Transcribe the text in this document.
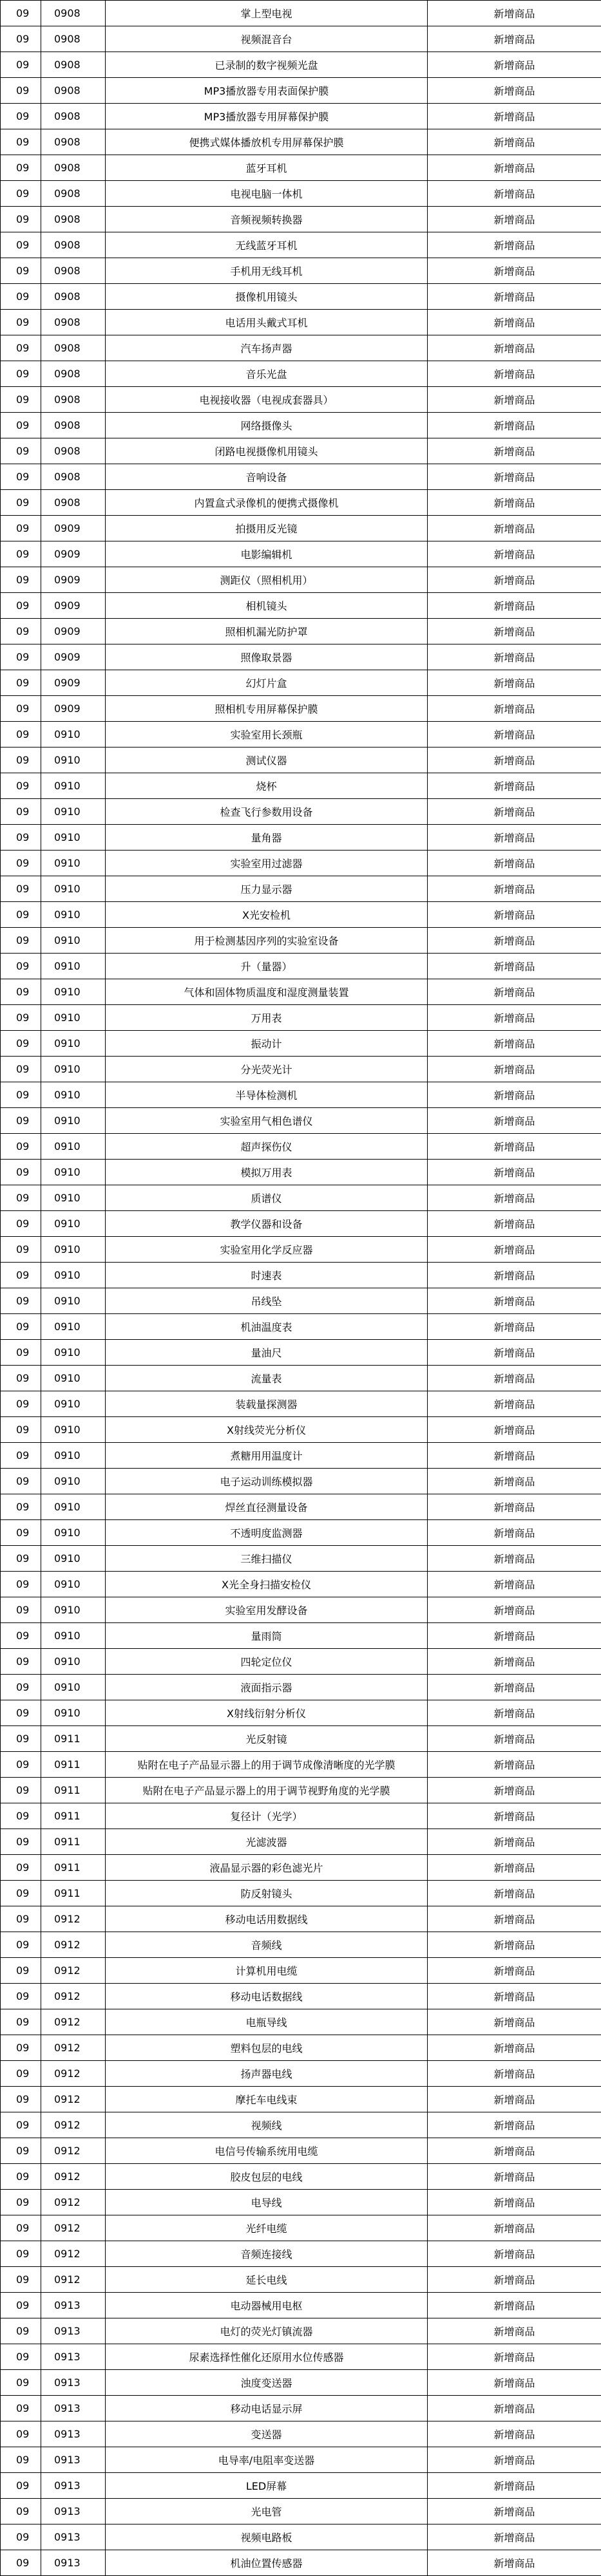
09	0908	掌上型电视	新增商品
09	0908	视频混音台	新增商品
09	0908	已录制的数字视频光盘	新增商品
09	0908	MP3播放器专用表面保护膜	新增商品
09	0908	MP3播放器专用屏幕保护膜	新增商品
09	0908	便携式媒体播放机专用屏幕保护膜	新增商品
09	0908	蓝牙耳机	新增商品
09	0908	电视电脑一体机	新增商品
09	0908	音频视频转换器	新增商品
09	0908	无线蓝牙耳机	新增商品
09	0908	手机用无线耳机	新增商品
09	0908	摄像机用镜头	新增商品
09	0908	电话用头戴式耳机	新增商品
09	0908	汽车扬声器	新增商品
09	0908	音乐光盘	新增商品
09	0908	电视接收器（电视成套器具）	新增商品
09	0908	网络摄像头	新增商品
09	0908	闭路电视摄像机用镜头	新增商品
09	0908	音响设备	新增商品
09	0908	内置盒式录像机的便携式摄像机	新增商品
09	0909	拍摄用反光镜	新增商品
09	0909	电影编辑机	新增商品
09	0909	测距仪（照相机用）	新增商品
09	0909	相机镜头	新增商品
09	0909	照相机漏光防护罩	新增商品
09	0909	照像取景器	新增商品
09	0909	幻灯片盒	新增商品
09	0909	照相机专用屏幕保护膜	新增商品
09	0910	实验室用长颈瓶	新增商品
09	0910	测试仪器	新增商品
09	0910	烧杯	新增商品
09	0910	检查飞行参数用设备	新增商品
09	0910	量角器	新增商品
09	0910	实验室用过滤器	新增商品
09	0910	压力显示器	新增商品
09	0910	X光安检机	新增商品
09	0910	用于检测基因序列的实验室设备	新增商品
09	0910	升（量器）	新增商品
09	0910	气体和固体物质温度和湿度测量装置	新增商品
09	0910	万用表	新增商品
09	0910	振动计	新增商品
09	0910	分光荧光计	新增商品
09	0910	半导体检测机	新增商品
09	0910	实验室用气相色谱仪	新增商品
09	0910	超声探伤仪	新增商品
09	0910	模拟万用表	新增商品
09	0910	质谱仪	新增商品
09	0910	教学仪器和设备	新增商品
09	0910	实验室用化学反应器	新增商品
09	0910	时速表	新增商品
09	0910	吊线坠	新增商品
09	0910	机油温度表	新增商品
09	0910	量油尺	新增商品
09	0910	流量表	新增商品
09	0910	装载量探测器	新增商品
09	0910	X射线荧光分析仪	新增商品
09	0910	煮糖用用温度计	新增商品
09	0910	电子运动训练模拟器	新增商品
09	0910	焊丝直径测量设备	新增商品
09	0910	不透明度监测器	新增商品
09	0910	三维扫描仪	新增商品
09	0910	X光全身扫描安检仪	新增商品
09	0910	实验室用发酵设备	新增商品
09	0910	量雨筒	新增商品
09	0910	四轮定位仪	新增商品
09	0910	液面指示器	新增商品
09	0910	X射线衍射分析仪	新增商品
09	0911	光反射镜	新增商品
09	0911	贴附在电子产品显示器上的用于调节成像清晰度的光学膜	新增商品
09	0911	贴附在电子产品显示器上的用于调节视野角度的光学膜	新增商品
09	0911	复径计（光学）	新增商品
09	0911	光滤波器	新增商品
09	0911	液晶显示器的彩色滤光片	新增商品
09	0911	防反射镜头	新增商品
09	0912	移动电话用数据线	新增商品
09	0912	音频线	新增商品
09	0912	计算机用电缆	新增商品
09	0912	移动电话数据线	新增商品
09	0912	电瓶导线	新增商品
09	0912	塑料包层的电线	新增商品
09	0912	扬声器电线	新增商品
09	0912	摩托车电线束	新增商品
09	0912	视频线	新增商品
09	0912	电信号传输系统用电缆	新增商品
09	0912	胶皮包层的电线	新增商品
09	0912	电导线	新增商品
09	0912	光纤电缆	新增商品
09	0912	音频连接线	新增商品
09	0912	延长电线	新增商品
09	0913	电动器械用电枢	新增商品
09	0913	电灯的荧光灯镇流器	新增商品
09	0913	尿素选择性催化还原用水位传感器	新增商品
09	0913	浊度变送器	新增商品
09	0913	移动电话显示屏	新增商品
09	0913	变送器	新增商品
09	0913	电导率/电阻率变送器	新增商品
09	0913	LED屏幕	新增商品
09	0913	光电管	新增商品
09	0913	视频电路板	新增商品
09	0913	机油位置传感器	新增商品
